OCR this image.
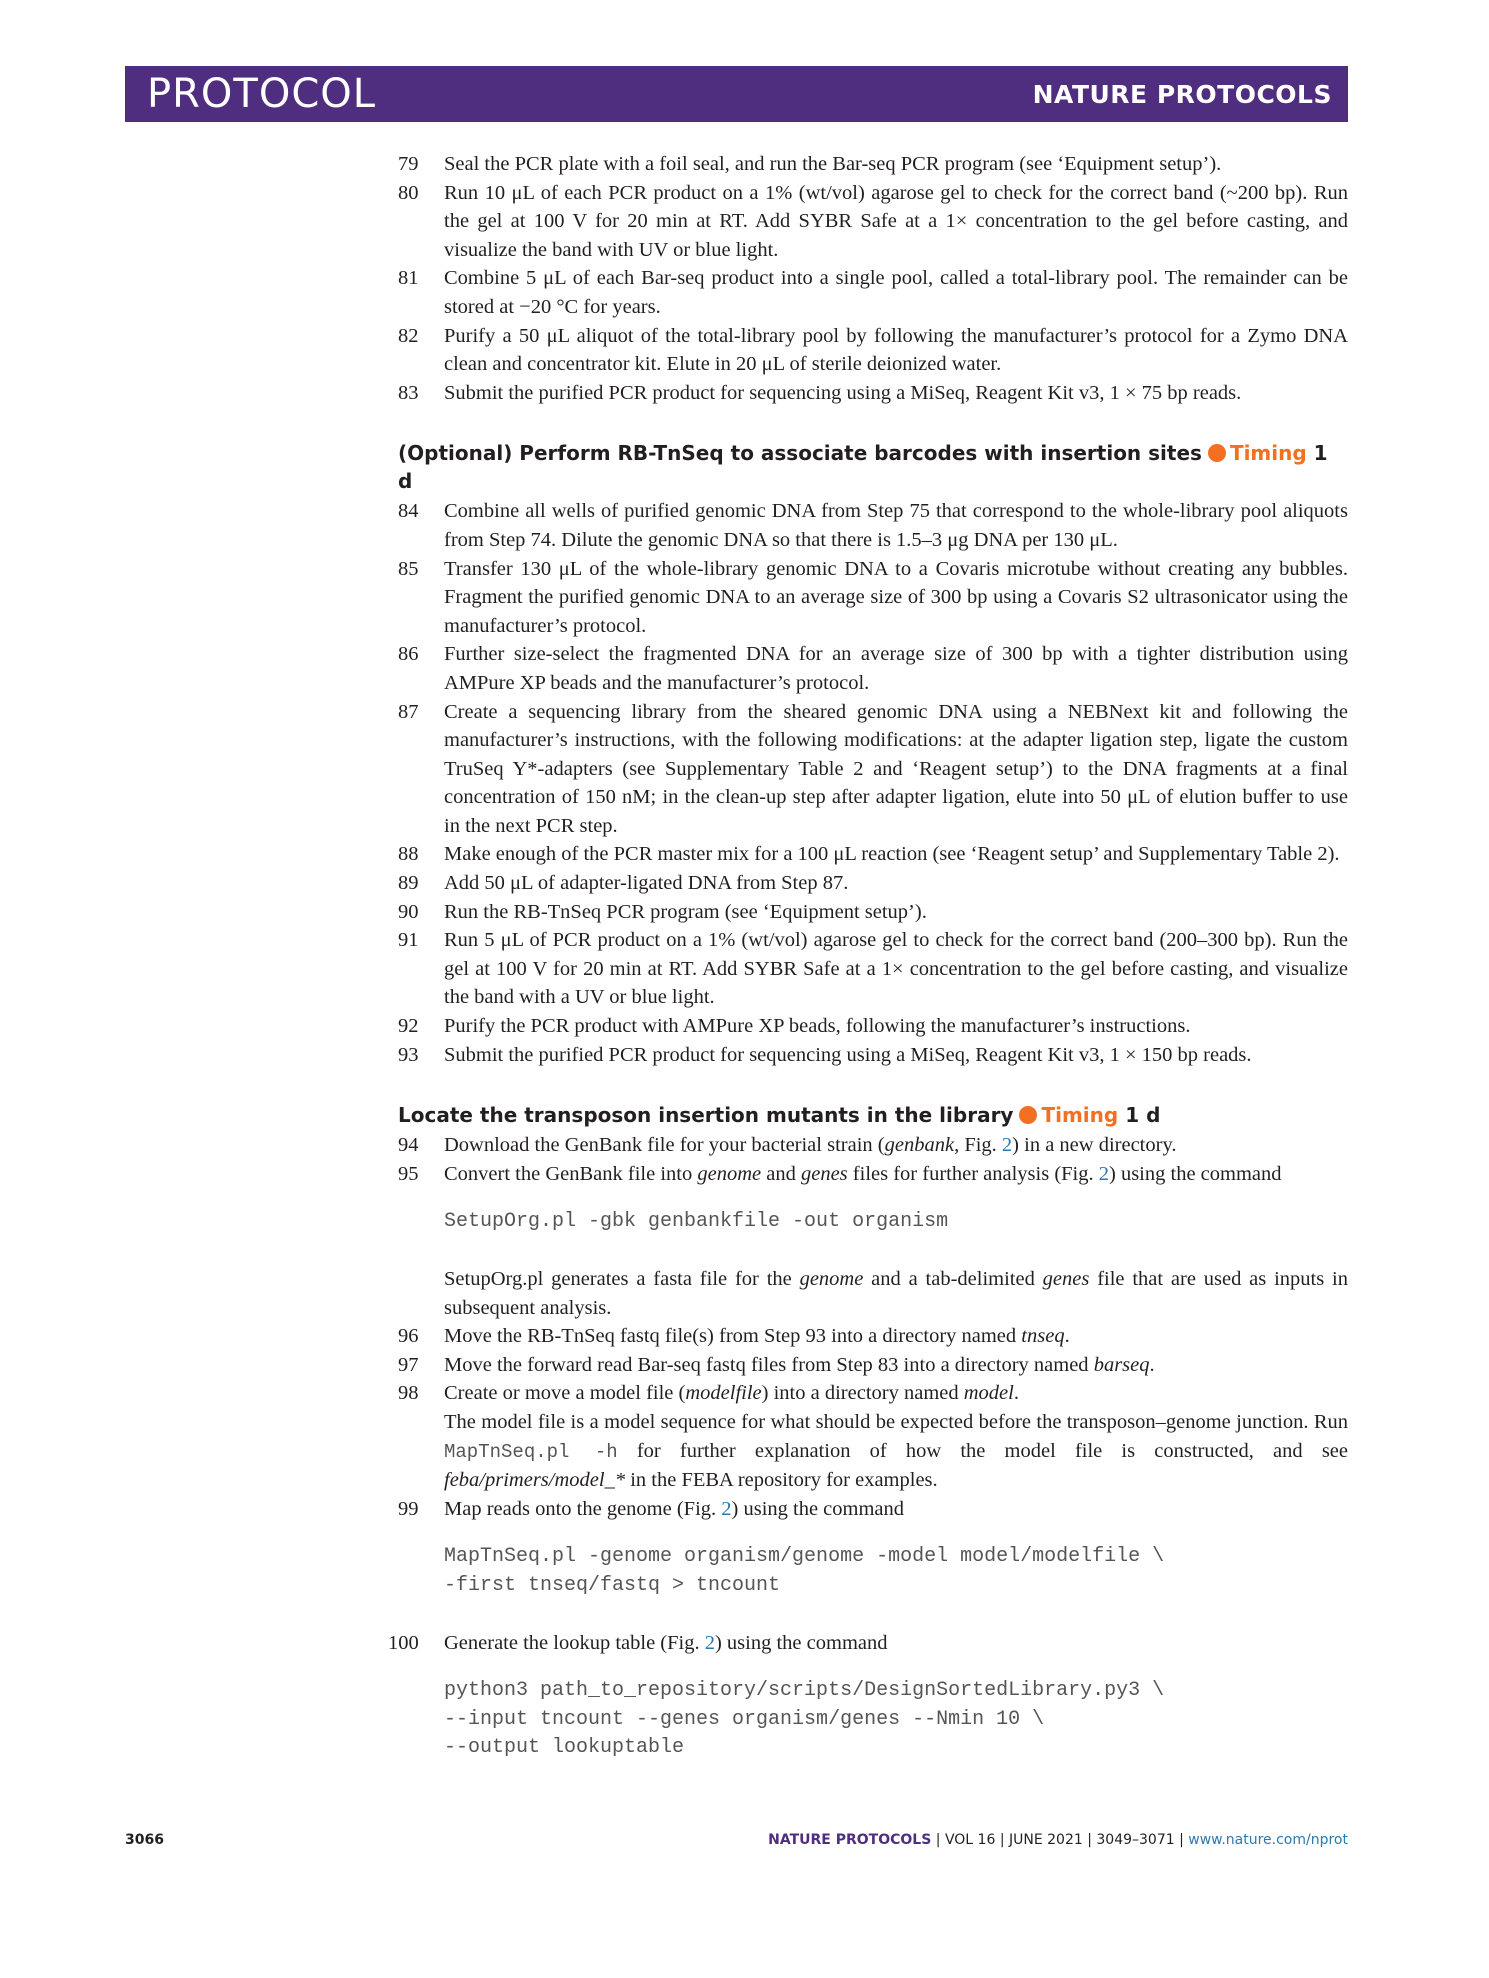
PROTOCOL	NATURE PROTOCOLS
79	Seal the PCR plate with a foil seal, and run the Bar-seq PCR program (see ‘Equipment setup’).
80	Run 10 μL of each PCR product on a 1% (wt/vol) agarose gel to check for the correct band (~200 bp). Run the gel at 100 V for 20 min at RT. Add SYBR Safe at a 1× concentration to the gel before casting, and visualize the band with UV or blue light.
81	Combine 5 μL of each Bar-seq product into a single pool, called a total-library pool. The remainder can be stored at −20 °C for years.
82	Purify a 50 μL aliquot of the total-library pool by following the manufacturer’s protocol for a Zymo DNA clean and concentrator kit. Elute in 20 μL of sterile deionized water.
83	Submit the purified PCR product for sequencing using a MiSeq, Reagent Kit v3, 1 × 75 bp reads.
(Optional) Perform RB-TnSeq to associate barcodes with insertion sites Timing 1 d
84	Combine all wells of purified genomic DNA from Step 75 that correspond to the whole-library pool aliquots from Step 74. Dilute the genomic DNA so that there is 1.5–3 μg DNA per 130 μL.
85	Transfer 130 μL of the whole-library genomic DNA to a Covaris microtube without creating any bubbles. Fragment the purified genomic DNA to an average size of 300 bp using a Covaris S2 ultrasonicator using the manufacturer’s protocol.
86	Further size-select the fragmented DNA for an average size of 300 bp with a tighter distribution using AMPure XP beads and the manufacturer’s protocol.
87	Create a sequencing library from the sheared genomic DNA using a NEBNext kit and following the manufacturer’s instructions, with the following modifications: at the adapter ligation step, ligate the custom TruSeq Y*-adapters (see Supplementary Table 2 and ‘Reagent setup’) to the DNA fragments at a final concentration of 150 nM; in the clean-up step after adapter ligation, elute into 50 μL of elution buffer to use in the next PCR step.
88	Make enough of the PCR master mix for a 100 μL reaction (see ‘Reagent setup’ and Supplementary Table 2).
89	Add 50 μL of adapter-ligated DNA from Step 87.
90	Run the RB-TnSeq PCR program (see ‘Equipment setup’).
91	Run 5 μL of PCR product on a 1% (wt/vol) agarose gel to check for the correct band (200–300 bp). Run the gel at 100 V for 20 min at RT. Add SYBR Safe at a 1× concentration to the gel before casting, and visualize the band with a UV or blue light.
92	Purify the PCR product with AMPure XP beads, following the manufacturer’s instructions.
93	Submit the purified PCR product for sequencing using a MiSeq, Reagent Kit v3, 1 × 150 bp reads.
Locate the transposon insertion mutants in the library Timing 1 d
94	Download the GenBank file for your bacterial strain (genbank, Fig. 2) in a new directory.
95	Convert the GenBank file into genome and genes files for further analysis (Fig. 2) using the command
SetupOrg.pl -gbk genbankfile -out organism
SetupOrg.pl generates a fasta file for the genome and a tab-delimited genes file that are used as inputs in subsequent analysis.
96	Move the RB-TnSeq fastq file(s) from Step 93 into a directory named tnseq.
97	Move the forward read Bar-seq fastq files from Step 83 into a directory named barseq.
98	Create or move a model file (modelfile) into a directory named model.
The model file is a model sequence for what should be expected before the transposon–genome junction. Run MapTnSeq.pl -h for further explanation of how the model file is constructed, and see feba/primers/model_* in the FEBA repository for examples.
99	Map reads onto the genome (Fig. 2) using the command
MapTnSeq.pl -genome organism/genome -model model/modelfile \
-first tnseq/fastq > tncount
100	Generate the lookup table (Fig. 2) using the command
python3 path_to_repository/scripts/DesignSortedLibrary.py3 \
--input tncount --genes organism/genes --Nmin 10 \
--output lookuptable
3066	NATURE PROTOCOLS | VOL 16 | JUNE 2021 | 3049–3071 | www.nature.com/nprot
